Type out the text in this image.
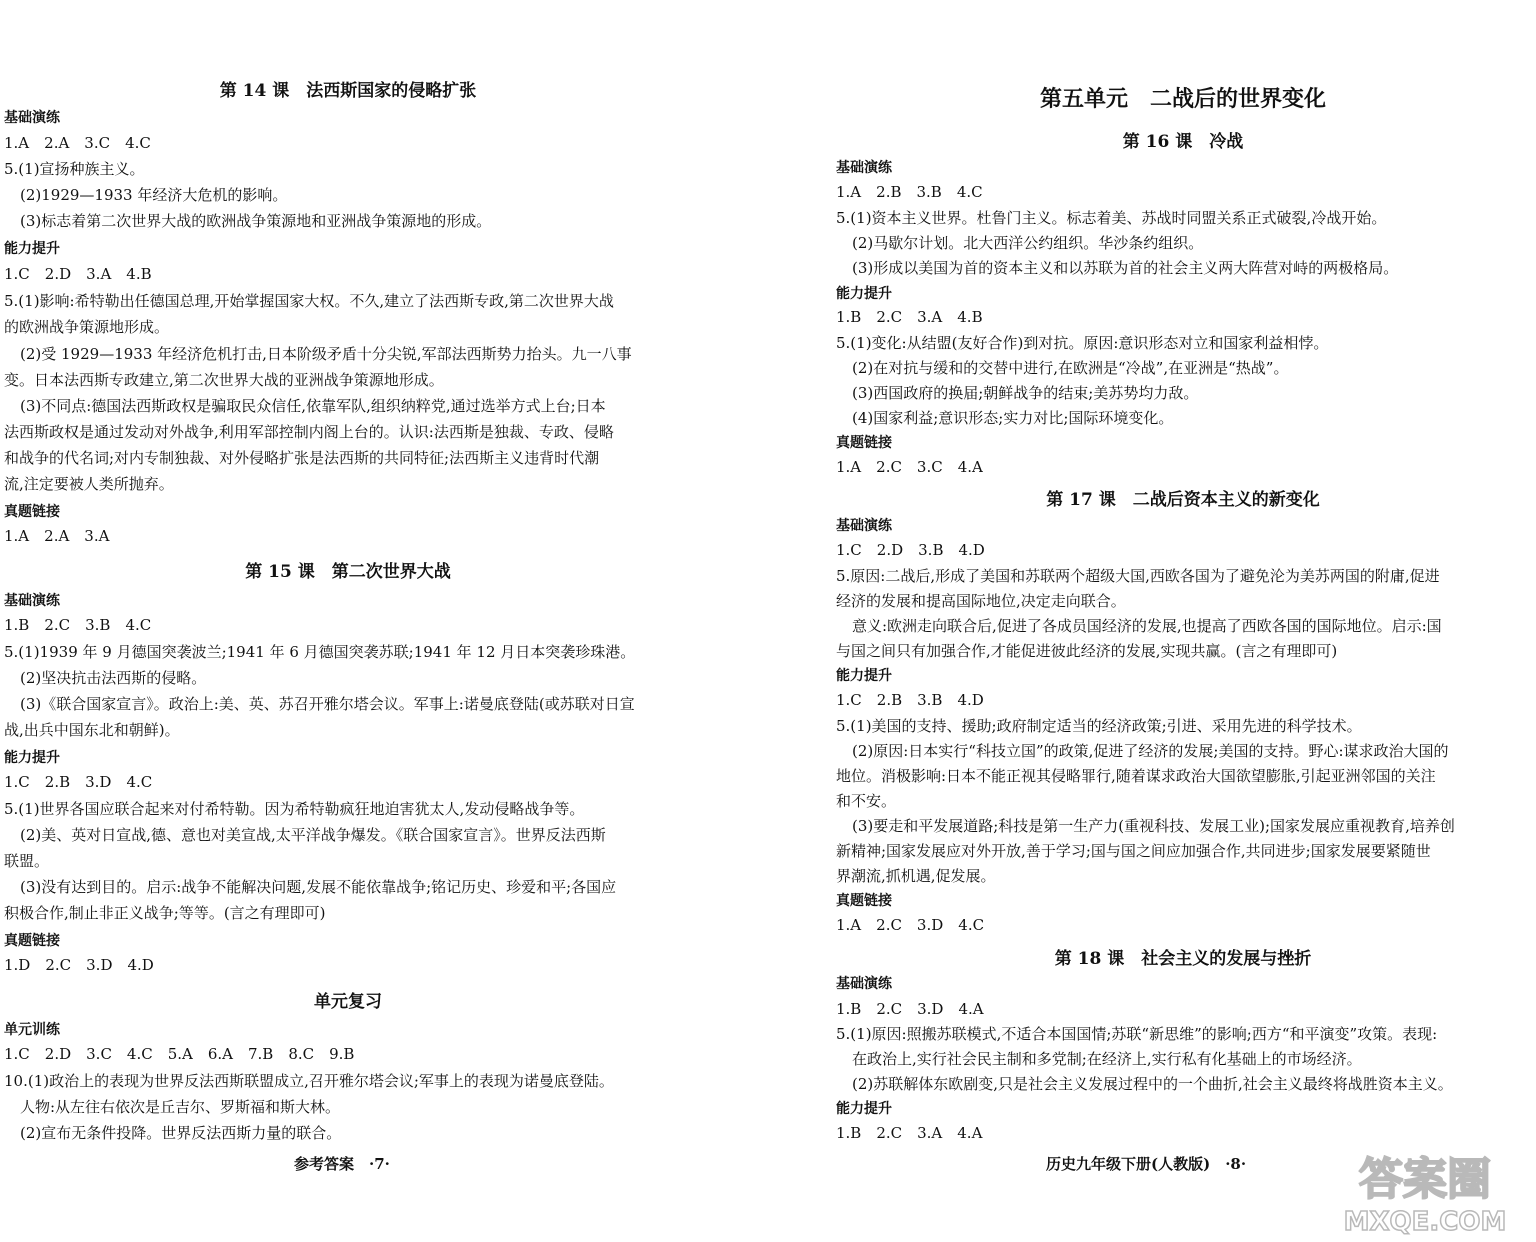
第 14 课　法西斯国家的侵略扩张
基础演练
1.A　2.A　3.C　4.C
5.(1)宣扬种族主义。
(2)1929—1933 年经济大危机的影响。
(3)标志着第二次世界大战的欧洲战争策源地和亚洲战争策源地的形成。
能力提升
1.C　2.D　3.A　4.B
5.(1)影响:希特勒出任德国总理,开始掌握国家大权。不久,建立了法西斯专政,第二次世界大战
的欧洲战争策源地形成。
(2)受 1929—1933 年经济危机打击,日本阶级矛盾十分尖锐,军部法西斯势力抬头。九一八事
变。日本法西斯专政建立,第二次世界大战的亚洲战争策源地形成。
(3)不同点:德国法西斯政权是骗取民众信任,依靠军队,组织纳粹党,通过选举方式上台;日本
法西斯政权是通过发动对外战争,利用军部控制内阁上台的。认识:法西斯是独裁、专政、侵略
和战争的代名词;对内专制独裁、对外侵略扩张是法西斯的共同特征;法西斯主义违背时代潮
流,注定要被人类所抛弃。
真题链接
1.A　2.A　3.A
第 15 课　第二次世界大战
基础演练
1.B　2.C　3.B　4.C
5.(1)1939 年 9 月德国突袭波兰;1941 年 6 月德国突袭苏联;1941 年 12 月日本突袭珍珠港。
(2)坚决抗击法西斯的侵略。
(3)《联合国家宣言》。政治上:美、英、苏召开雅尔塔会议。军事上:诺曼底登陆(或苏联对日宣
战,出兵中国东北和朝鲜)。
能力提升
1.C　2.B　3.D　4.C
5.(1)世界各国应联合起来对付希特勒。因为希特勒疯狂地迫害犹太人,发动侵略战争等。
(2)美、英对日宣战,德、意也对美宣战,太平洋战争爆发。《联合国家宣言》。世界反法西斯
联盟。
(3)没有达到目的。启示:战争不能解决问题,发展不能依靠战争;铭记历史、珍爱和平;各国应
积极合作,制止非正义战争;等等。(言之有理即可)
真题链接
1.D　2.C　3.D　4.D
单元复习
单元训练
1.C　2.D　3.C　4.C　5.A　6.A　7.B　8.C　9.B
10.(1)政治上的表现为世界反法西斯联盟成立,召开雅尔塔会议;军事上的表现为诺曼底登陆。
人物:从左往右依次是丘吉尔、罗斯福和斯大林。
(2)宣布无条件投降。世界反法西斯力量的联合。
参考答案　·7·
第五单元　二战后的世界变化
第 16 课　冷战
基础演练
1.A　2.B　3.B　4.C
5.(1)资本主义世界。杜鲁门主义。标志着美、苏战时同盟关系正式破裂,冷战开始。
(2)马歇尔计划。北大西洋公约组织。华沙条约组织。
(3)形成以美国为首的资本主义和以苏联为首的社会主义两大阵营对峙的两极格局。
能力提升
1.B　2.C　3.A　4.B
5.(1)变化:从结盟(友好合作)到对抗。原因:意识形态对立和国家利益相悖。
(2)在对抗与缓和的交替中进行,在欧洲是“冷战”,在亚洲是“热战”。
(3)西国政府的换届;朝鲜战争的结束;美苏势均力敌。
(4)国家利益;意识形态;实力对比;国际环境变化。
真题链接
1.A　2.C　3.C　4.A
第 17 课　二战后资本主义的新变化
基础演练
1.C　2.D　3.B　4.D
5.原因:二战后,形成了美国和苏联两个超级大国,西欧各国为了避免沦为美苏两国的附庸,促进
经济的发展和提高国际地位,决定走向联合。
意义:欧洲走向联合后,促进了各成员国经济的发展,也提高了西欧各国的国际地位。启示:国
与国之间只有加强合作,才能促进彼此经济的发展,实现共赢。(言之有理即可)
能力提升
1.C　2.B　3.B　4.D
5.(1)美国的支持、援助;政府制定适当的经济政策;引进、采用先进的科学技术。
(2)原因:日本实行“科技立国”的政策,促进了经济的发展;美国的支持。野心:谋求政治大国的
地位。消极影响:日本不能正视其侵略罪行,随着谋求政治大国欲望膨胀,引起亚洲邻国的关注
和不安。
(3)要走和平发展道路;科技是第一生产力(重视科技、发展工业);国家发展应重视教育,培养创
新精神;国家发展应对外开放,善于学习;国与国之间应加强合作,共同进步;国家发展要紧随世
界潮流,抓机遇,促发展。
真题链接
1.A　2.C　3.D　4.C
第 18 课　社会主义的发展与挫折
基础演练
1.B　2.C　3.D　4.A
5.(1)原因:照搬苏联模式,不适合本国国情;苏联“新思维”的影响;西方“和平演变”攻策。表现:
在政治上,实行社会民主制和多党制;在经济上,实行私有化基础上的市场经济。
(2)苏联解体东欧剧变,只是社会主义发展过程中的一个曲折,社会主义最终将战胜资本主义。
能力提升
1.B　2.C　3.A　4.A
历史九年级下册(人教版)　·8·	答案圈
MXQE.COM
